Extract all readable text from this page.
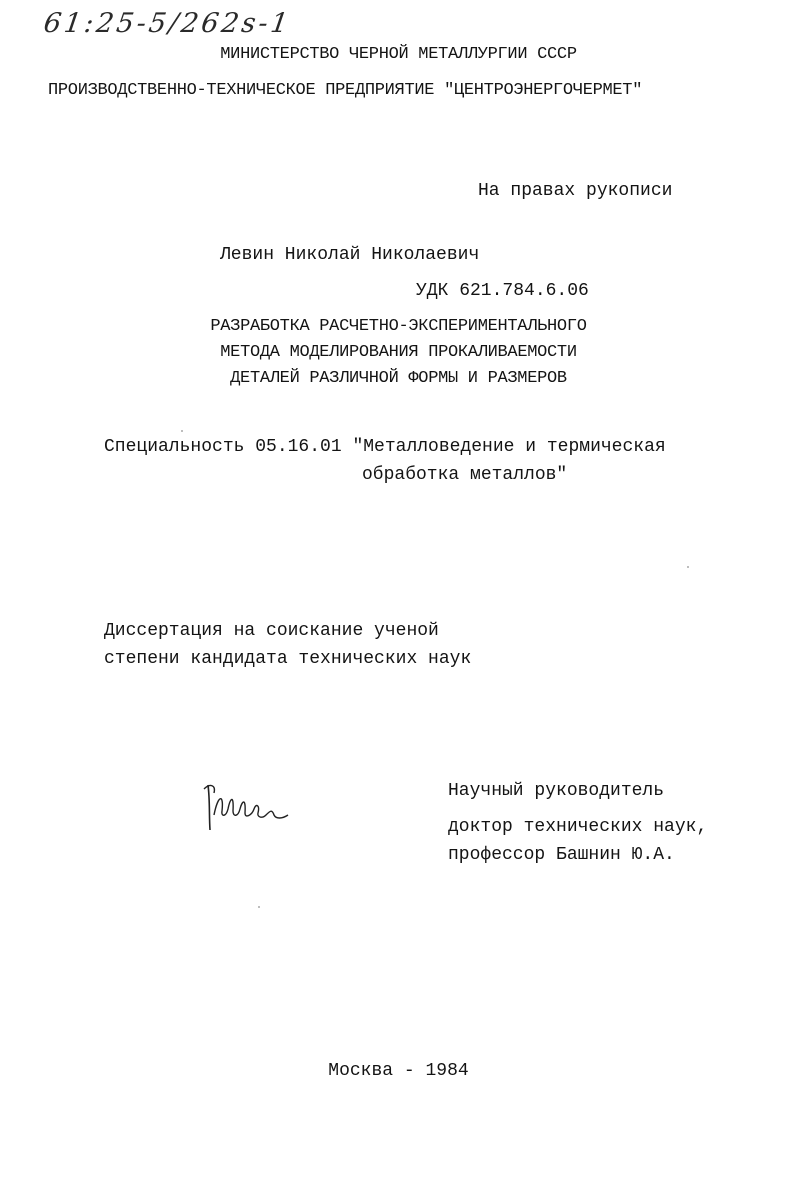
61:25-5/262s-1
МИНИСТЕРСТВО ЧЕРНОЙ МЕТАЛЛУРГИИ СССР
ПРОИЗВОДСТВЕННО-ТЕХНИЧЕСКОЕ ПРЕДПРИЯТИЕ "ЦЕНТРОЭНЕРГОЧЕРМЕТ"
На правах рукописи
Левин Николай Николаевич
УДК 621.784.6.06
РАЗРАБОТКА РАСЧЕТНО-ЭКСПЕРИМЕНТАЛЬНОГО
МЕТОДА МОДЕЛИРОВАНИЯ ПРОКАЛИВАЕМОСТИ
ДЕТАЛЕЙ РАЗЛИЧНОЙ ФОРМЫ И РАЗМЕРОВ
Специальность 05.16.01 "Металловедение и термическая
обработка металлов"
Диссертация на соискание ученой
степени кандидата технических наук
Научный руководитель
доктор технических наук,
профессор Башнин Ю.А.
Москва - 1984
